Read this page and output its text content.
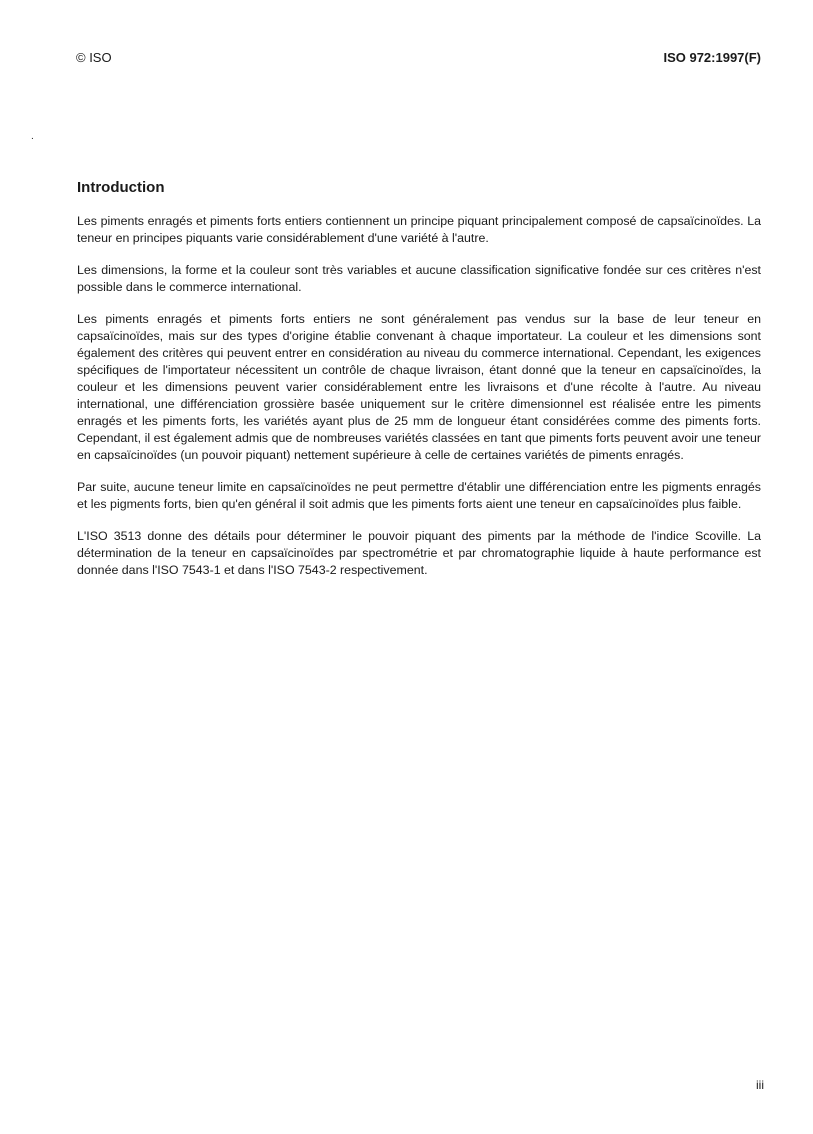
© ISO	ISO 972:1997(F)
.
Introduction

Les piments enragés et piments forts entiers contiennent un principe piquant principalement composé de capsaïcinoïdes. La teneur en principes piquants varie considérablement d'une variété à l'autre.

Les dimensions, la forme et la couleur sont très variables et aucune classification significative fondée sur ces critères n'est possible dans le commerce international.

Les piments enragés et piments forts entiers ne sont généralement pas vendus sur la base de leur teneur en capsaïcinoïdes, mais sur des types d'origine établie convenant à chaque importateur. La couleur et les dimensions sont également des critères qui peuvent entrer en considération au niveau du commerce international. Cependant, les exigences spécifiques de l'importateur nécessitent un contrôle de chaque livraison, étant donné que la teneur en capsaïcinoïdes, la couleur et les dimensions peuvent varier considérablement entre les livraisons et d'une récolte à l'autre. Au niveau international, une différenciation grossière basée uniquement sur le critère dimensionnel est réalisée entre les piments enragés et les piments forts, les variétés ayant plus de 25 mm de longueur étant considérées comme des piments forts. Cependant, il est également admis que de nombreuses variétés classées en tant que piments forts peuvent avoir une teneur en capsaïcinoïdes (un pouvoir piquant) nettement supérieure à celle de certaines variétés de piments enragés.

Par suite, aucune teneur limite en capsaïcinoïdes ne peut permettre d'établir une différenciation entre les pigments enragés et les pigments forts, bien qu'en général il soit admis que les piments forts aient une teneur en capsaïcinoïdes plus faible.

L'ISO 3513 donne des détails pour déterminer le pouvoir piquant des piments par la méthode de l'indice Scoville. La détermination de la teneur en capsaïcinoïdes par spectrométrie et par chromatographie liquide à haute performance est donnée dans l'ISO 7543-1 et dans l'ISO 7543-2 respectivement.

iii
